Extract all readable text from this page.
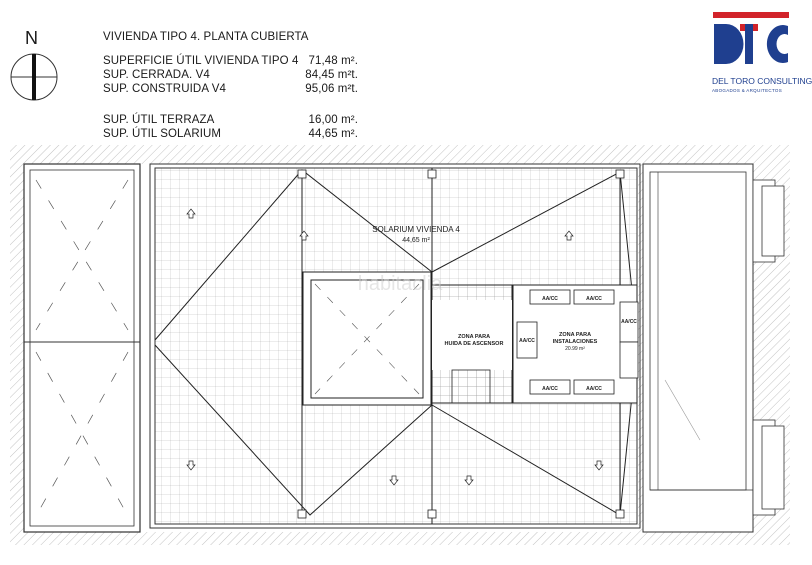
VIVIENDA TIPO 4. PLANTA CUBIERTA
SUPERFICIE ÚTIL VIVIENDA TIPO 4 71,48 m².
SUP. CERRADA. V4	84,45 m²t.
SUP. CONSTRUIDA V4	95,06 m²t.
SUP. ÚTIL TERRAZA	16,00 m².
SUP. ÚTIL SOLARIUM	44,65 m².
N
DEL TORO CONSULTING
ABOGADOS & ARQUITECTOS
SOLARIUM VIVIENDA 4
44,65 m²
ZONA PARA
HUIDA DE ASCENSOR
ZONA PARA
INSTALACIONES
20.99 m²
AA/CC	AA/CC
AA/CC	AA/CC
AA/CC
AA/CC
habitaclia
